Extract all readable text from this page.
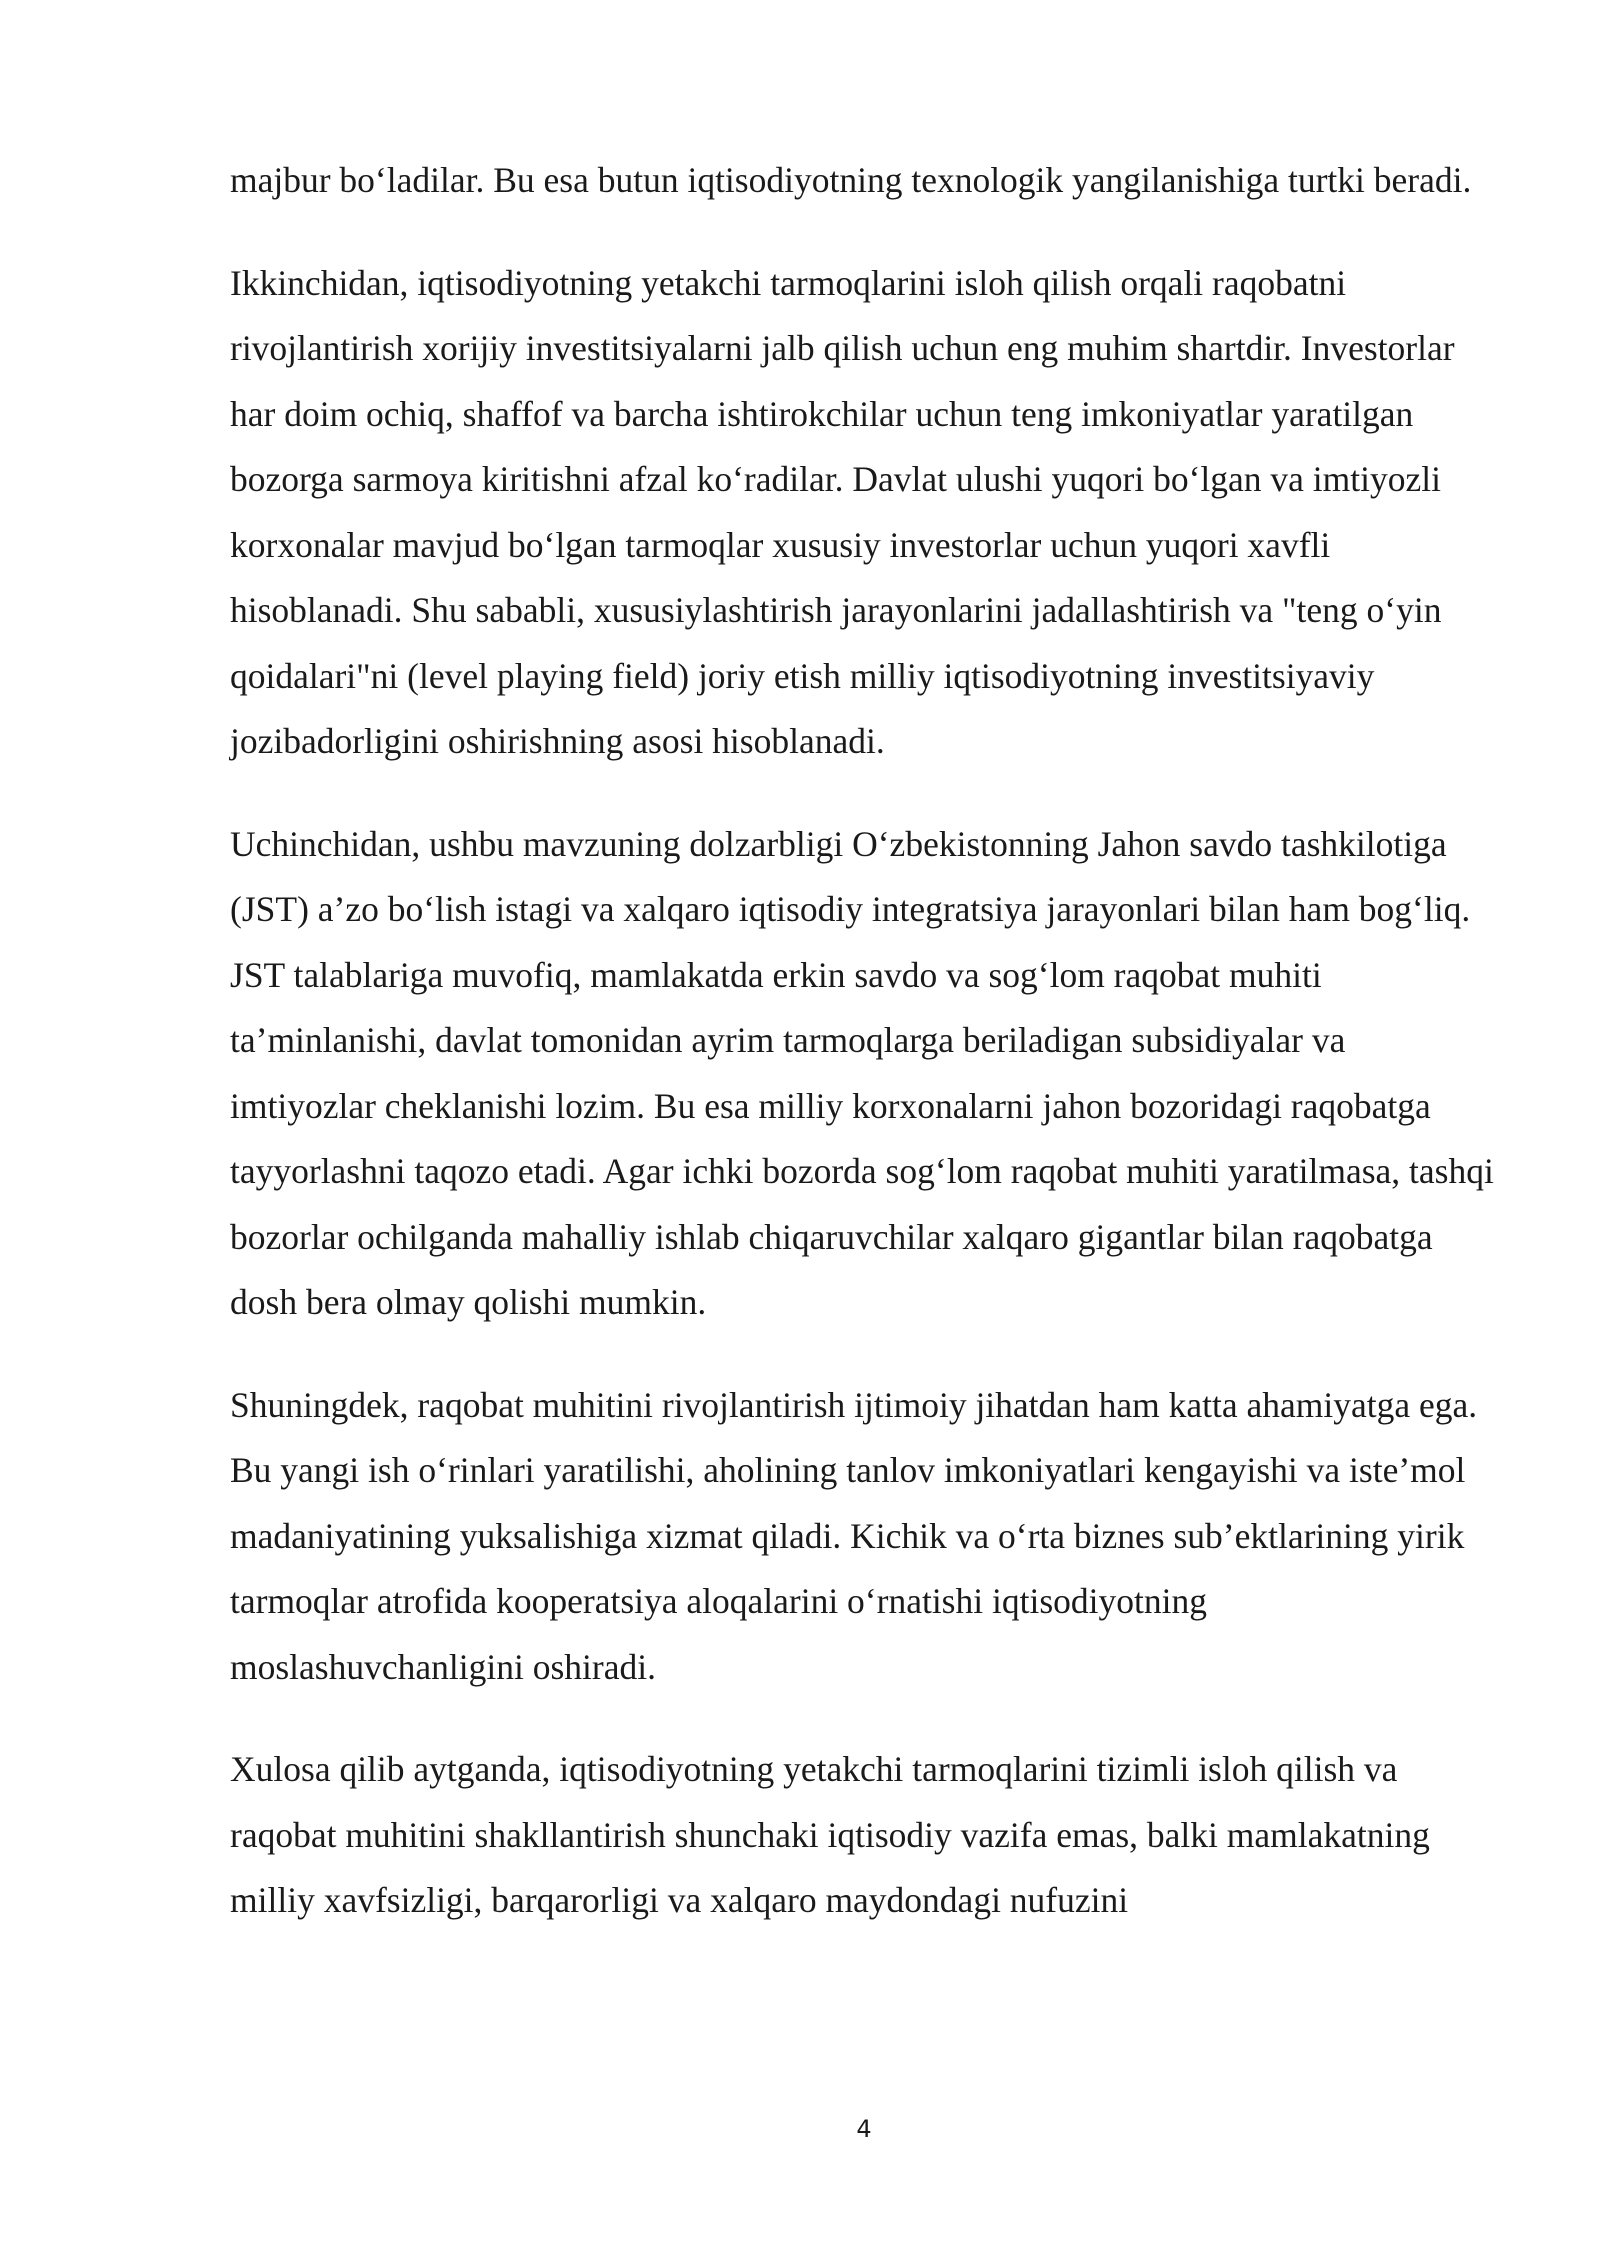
majbur boʻladilar. Bu esa butun iqtisodiyotning texnologik yangilanishiga turtki beradi.

Ikkinchidan, iqtisodiyotning yetakchi tarmoqlarini isloh qilish orqali raqobatni rivojlantirish xorijiy investitsiyalarni jalb qilish uchun eng muhim shartdir. Investorlar har doim ochiq, shaffof va barcha ishtirokchilar uchun teng imkoniyatlar yaratilgan bozorga sarmoya kiritishni afzal koʻradilar. Davlat ulushi yuqori boʻlgan va imtiyozli korxonalar mavjud boʻlgan tarmoqlar xususiy investorlar uchun yuqori xavfli hisoblanadi. Shu sababli, xususiylashtirish jarayonlarini jadallashtirish va "teng oʻyin qoidalari"ni (level playing field) joriy etish milliy iqtisodiyotning investitsiyaviy jozibadorligini oshirishning asosi hisoblanadi.

Uchinchidan, ushbu mavzuning dolzarbligi Oʻzbekistonning Jahon savdo tashkilotiga (JST) a’zo boʻlish istagi va xalqaro iqtisodiy integratsiya jarayonlari bilan ham bogʻliq. JST talablariga muvofiq, mamlakatda erkin savdo va sogʻlom raqobat muhiti ta’minlanishi, davlat tomonidan ayrim tarmoqlarga beriladigan subsidiyalar va imtiyozlar cheklanishi lozim. Bu esa milliy korxonalarni jahon bozoridagi raqobatga tayyorlashni taqozo etadi. Agar ichki bozorda sogʻlom raqobat muhiti yaratilmasa, tashqi bozorlar ochilganda mahalliy ishlab chiqaruvchilar xalqaro gigantlar bilan raqobatga dosh bera olmay qolishi mumkin.

Shuningdek, raqobat muhitini rivojlantirish ijtimoiy jihatdan ham katta ahamiyatga ega. Bu yangi ish oʻrinlari yaratilishi, aholining tanlov imkoniyatlari kengayishi va iste’mol madaniyatining yuksalishiga xizmat qiladi. Kichik va oʻrta biznes sub’ektlarining yirik tarmoqlar atrofida kooperatsiya aloqalarini oʻrnatishi iqtisodiyotning moslashuvchanligini oshiradi.

Xulosa qilib aytganda, iqtisodiyotning yetakchi tarmoqlarini tizimli isloh qilish va raqobat muhitini shakllantirish shunchaki iqtisodiy vazifa emas, balki mamlakatning milliy xavfsizligi, barqarorligi va xalqaro maydondagi nufuzini

4
